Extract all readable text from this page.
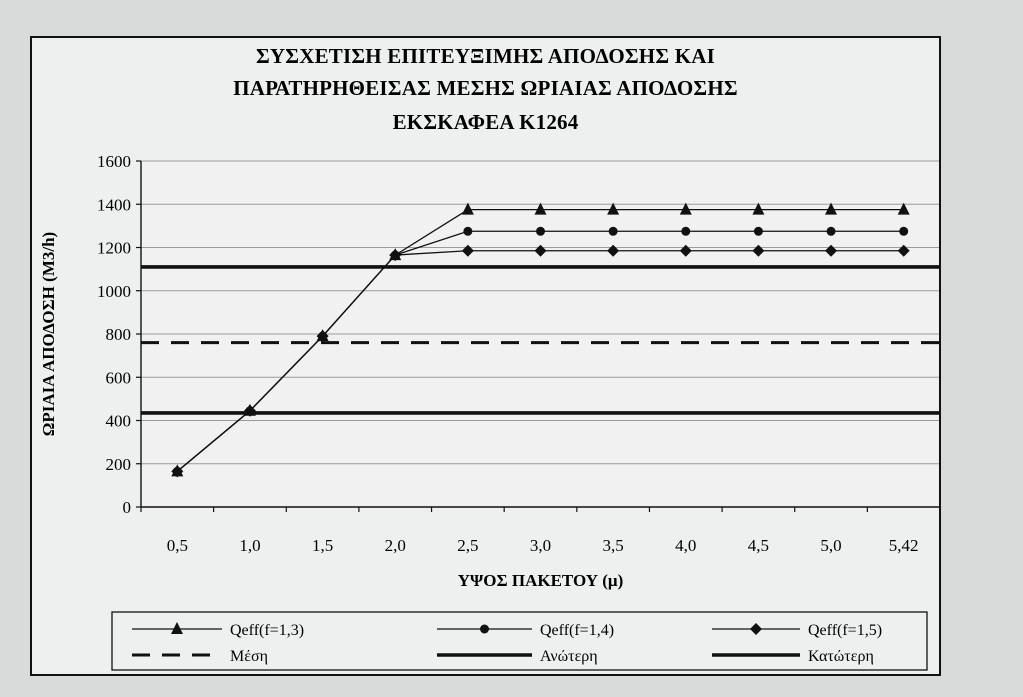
ΣΥΣΧΕΤΙΣΗ ΕΠΙΤΕΥΞΙΜΗΣ ΑΠΟΔΟΣΗΣ ΚΑΙ
ΠΑΡΑΤΗΡΗΘΕΙΣΑΣ ΜΕΣΗΣ ΩΡΙΑΙΑΣ ΑΠΟΔΟΣΗΣ
ΕΚΣΚΑΦΕΑ Κ1264
0
200
400
600
800
1000
1200
1400
1600
0,5	1,0	1,5	2,0	2,5	3,0	3,5	4,0	4,5	5,0	5,42
ΩΡΙΑΙΑ ΑΠΟΔΟΣΗ (M3/h)
ΥΨΟΣ ΠΑΚΕΤΟΥ (μ)
Qeff(f=1,3)	Qeff(f=1,4)	Qeff(f=1,5)
Μέση	Ανώτερη	Κατώτερη
